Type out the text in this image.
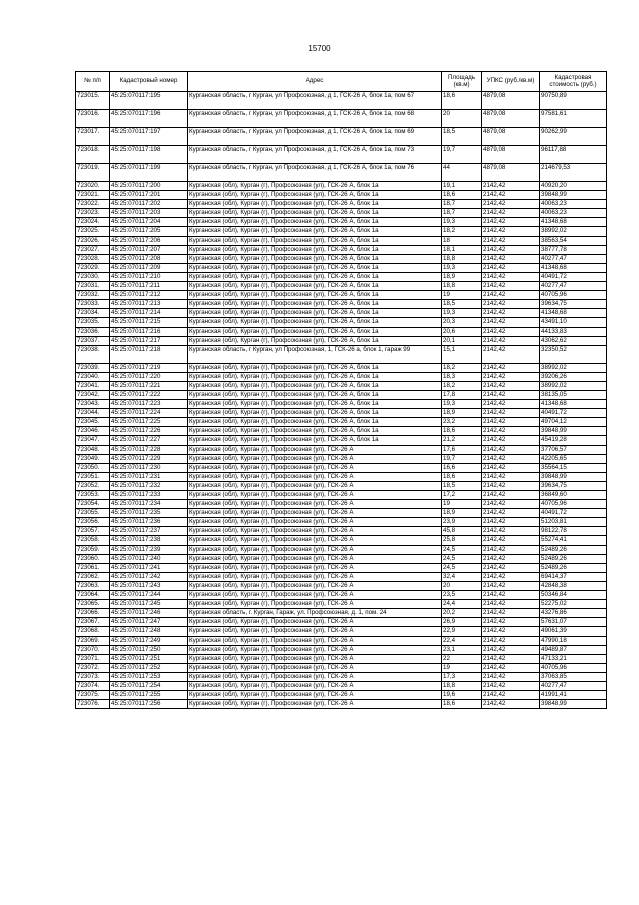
15700
№ п/п	Кадастровый номер	Адрес	Площадь (кв.м)	УПКС (руб./кв.м)	Кадастровая стоимость (руб.)
723015.	45:25:070117:195	Курганская область, г Курган, ул Профсоюзная, д 1, ГСК-26 А, блок 1а, пом 67	18,6	4879,08	90750,89
723016.	45:25:070117:196	Курганская область, г Курган, ул Профсоюзная, д 1, ГСК-26 А, блок 1а, пом 68	20	4879,08	97581,61
723017.	45:25:070117:197	Курганская область, г Курган, ул Профсоюзная, д 1, ГСК-26 А, блок 1а, пом 69	18,5	4879,08	90262,99
723018.	45:25:070117:198	Курганская область, г Курган, ул Профсоюзная, д 1, ГСК-26 А, блок 1а, пом 73	19,7	4879,08	96117,88
723019.	45:25:070117:199	Курганская область, г Курган, ул Профсоюзная, д 1, ГСК-26 А, блок 1а, пом 76	44	4879,08	214679,53
723020.	45:25:070117:200	Курганская (обл), Курган (г), Профсоюзная (ул), ГСК-26 А, блок 1а	19,1	2142,42	40920,20
723021.	45:25:070117:201	Курганская (обл), Курган (г), Профсоюзная (ул), ГСК-26 А, блок 1а	18,6	2142,42	39848,99
723022.	45:25:070117:202	Курганская (обл), Курган (г), Профсоюзная (ул), ГСК-26 А, блок 1а	18,7	2142,42	40063,23
723023.	45:25:070117:203	Курганская (обл), Курган (г), Профсоюзная (ул), ГСК-26 А, блок 1а	18,7	2142,42	40063,23
723024.	45:25:070117:204	Курганская (обл), Курган (г), Профсоюзная (ул), ГСК-26 А, блок 1а	19,3	2142,42	41348,68
723025.	45:25:070117:205	Курганская (обл), Курган (г), Профсоюзная (ул), ГСК-26 А, блок 1а	18,2	2142,42	38992,02
723026.	45:25:070117:206	Курганская (обл), Курган (г), Профсоюзная (ул), ГСК-26 А, блок 1а	18	2142,42	38563,54
723027.	45:25:070117:207	Курганская (обл), Курган (г), Профсоюзная (ул), ГСК-26 А, блок 1а	18,1	2142,42	38777,78
723028.	45:25:070117:208	Курганская (обл), Курган (г), Профсоюзная (ул), ГСК-26 А, блок 1а	18,8	2142,42	40277,47
723029.	45:25:070117:209	Курганская (обл), Курган (г), Профсоюзная (ул), ГСК-26 А, блок 1а	19,3	2142,42	41348,68
723030.	45:25:070117:210	Курганская (обл), Курган (г), Профсоюзная (ул), ГСК-26 А, блок 1а	18,9	2142,42	40491,72
723031.	45:25:070117:211	Курганская (обл), Курган (г), Профсоюзная (ул), ГСК-26 А, блок 1а	18,8	2142,42	40277,47
723032.	45:25:070117:212	Курганская (обл), Курган (г), Профсоюзная (ул), ГСК-26 А, блок 1а	19	2142,42	40705,96
723033.	45:25:070117:213	Курганская (обл), Курган (г), Профсоюзная (ул), ГСК-26 А, блок 1а	18,5	2142,42	39634,75
723034.	45:25:070117:214	Курганская (обл), Курган (г), Профсоюзная (ул), ГСК-26 А, блок 1а	19,3	2142,42	41348,68
723035.	45:25:070117:215	Курганская (обл), Курган (г), Профсоюзная (ул), ГСК-26 А, блок 1а	20,3	2142,42	43491,10
723036.	45:25:070117:216	Курганская (обл), Курган (г), Профсоюзная (ул), ГСК-26 А, блок 1а	20,6	2142,42	44133,83
723037.	45:25:070117:217	Курганская (обл), Курган (г), Профсоюзная (ул), ГСК-26 А, блок 1а	20,1	2142,42	43062,62
723038.	45:25:070117:218	Курганская область, г Курган, ул Профсоюзная, 1, ГСК-26 а, блок 1, гараж 99	15,1	2142,42	32350,52
723039.	45:25:070117:219	Курганская (обл), Курган (г), Профсоюзная (ул), ГСК-26 А, блок 1а	18,2	2142,42	38992,02
723040.	45:25:070117:220	Курганская (обл), Курган (г), Профсоюзная (ул), ГСК-26 А, блок 1а	18,3	2142,42	39206,26
723041.	45:25:070117:221	Курганская (обл), Курган (г), Профсоюзная (ул), ГСК-26 А, блок 1а	18,2	2142,42	38992,02
723042.	45:25:070117:222	Курганская (обл), Курган (г), Профсоюзная (ул), ГСК-26 А, блок 1а	17,8	2142,42	38135,05
723043.	45:25:070117:223	Курганская (обл), Курган (г), Профсоюзная (ул), ГСК-26 А, блок 1а	19,3	2142,42	41348,68
723044.	45:25:070117:224	Курганская (обл), Курган (г), Профсоюзная (ул), ГСК-26 А, блок 1а	18,9	2142,42	40491,72
723045.	45:25:070117:225	Курганская (обл), Курган (г), Профсоюзная (ул), ГСК-26 А, блок 1а	23,2	2142,42	49704,12
723046.	45:25:070117:226	Курганская (обл), Курган (г), Профсоюзная (ул), ГСК-26 А, блок 1а	18,6	2142,42	39848,99
723047.	45:25:070117:227	Курганская (обл), Курган (г), Профсоюзная (ул), ГСК-26 А, блок 1а	21,2	2142,42	45419,28
723048.	45:25:070117:228	Курганская (обл), Курган (г), Профсоюзная (ул), ГСК-26 А	17,6	2142,42	37706,57
723049.	45:25:070117:229	Курганская (обл), Курган (г), Профсоюзная (ул), ГСК-26 А	19,7	2142,42	42205,65
723050.	45:25:070117:230	Курганская (обл), Курган (г), Профсоюзная (ул), ГСК-26 А	16,6	2142,42	35564,15
723051.	45:25:070117:231	Курганская (обл), Курган (г), Профсоюзная (ул), ГСК-26 А	18,6	2142,42	39848,99
723052.	45:25:070117:232	Курганская (обл), Курган (г), Профсоюзная (ул), ГСК-26 А	18,5	2142,42	39634,75
723053.	45:25:070117:233	Курганская (обл), Курган (г), Профсоюзная (ул), ГСК-26 А	17,2	2142,42	36849,60
723054.	45:25:070117:234	Курганская (обл), Курган (г), Профсоюзная (ул), ГСК-26 А	19	2142,42	40705,96
723055.	45:25:070117:235	Курганская (обл), Курган (г), Профсоюзная (ул), ГСК-26 А	18,9	2142,42	40491,72
723056.	45:25:070117:236	Курганская (обл), Курган (г), Профсоюзная (ул), ГСК-26 А	23,9	2142,42	51203,81
723057.	45:25:070117:237	Курганская (обл), Курган (г), Профсоюзная (ул), ГСК-26 А	45,8	2142,42	98122,78
723058.	45:25:070117:238	Курганская (обл), Курган (г), Профсоюзная (ул), ГСК-26 А	25,8	2142,42	55274,41
723059.	45:25:070117:239	Курганская (обл), Курган (г), Профсоюзная (ул), ГСК-26 А	24,5	2142,42	52489,26
723060.	45:25:070117:240	Курганская (обл), Курган (г), Профсоюзная (ул), ГСК-26 А	24,5	2142,42	52489,26
723061.	45:25:070117:241	Курганская (обл), Курган (г), Профсоюзная (ул), ГСК-26 А	24,5	2142,42	52489,26
723062.	45:25:070117:242	Курганская (обл), Курган (г), Профсоюзная (ул), ГСК-26 А	32,4	2142,42	69414,37
723063.	45:25:070117:243	Курганская (обл), Курган (г), Профсоюзная (ул), ГСК-26 А	20	2142,42	42848,38
723064.	45:25:070117:244	Курганская (обл), Курган (г), Профсоюзная (ул), ГСК-26 А	23,5	2142,42	50346,84
723065.	45:25:070117:245	Курганская (обл), Курган (г), Профсоюзная (ул), ГСК-26 А	24,4	2142,42	52275,02
723066.	45:25:070117:246	Курганская область, г. Курган, Гараж, ул. Профсоюзная, д. 1, пом. 24	20,2	2142,42	43276,86
723067.	45:25:070117:247	Курганская (обл), Курган (г), Профсоюзная (ул), ГСК-26 А	26,9	2142,42	57631,07
723068.	45:25:070117:248	Курганская (обл), Курган (г), Профсоюзная (ул), ГСК-26 А	22,9	2142,42	49061,39
723069.	45:25:070117:249	Курганская (обл), Курган (г), Профсоюзная (ул), ГСК-26 А	22,4	2142,42	47990,18
723070.	45:25:070117:250	Курганская (обл), Курган (г), Профсоюзная (ул), ГСК-26 А	23,1	2142,42	49489,87
723071.	45:25:070117:251	Курганская (обл), Курган (г), Профсоюзная (ул), ГСК-26 А	22	2142,42	47133,21
723072.	45:25:070117:252	Курганская (обл), Курган (г), Профсоюзная (ул), ГСК-26 А	19	2142,42	40705,96
723073.	45:25:070117:253	Курганская (обл), Курган (г), Профсоюзная (ул), ГСК-26 А	17,3	2142,42	37063,85
723074.	45:25:070117:254	Курганская (обл), Курган (г), Профсоюзная (ул), ГСК-26 А	18,8	2142,42	40277,47
723075.	45:25:070117:255	Курганская (обл), Курган (г), Профсоюзная (ул), ГСК-26 А	19,6	2142,42	41991,41
723076.	45:25:070117:256	Курганская (обл), Курган (г), Профсоюзная (ул), ГСК-26 А	18,6	2142,42	39848,99
